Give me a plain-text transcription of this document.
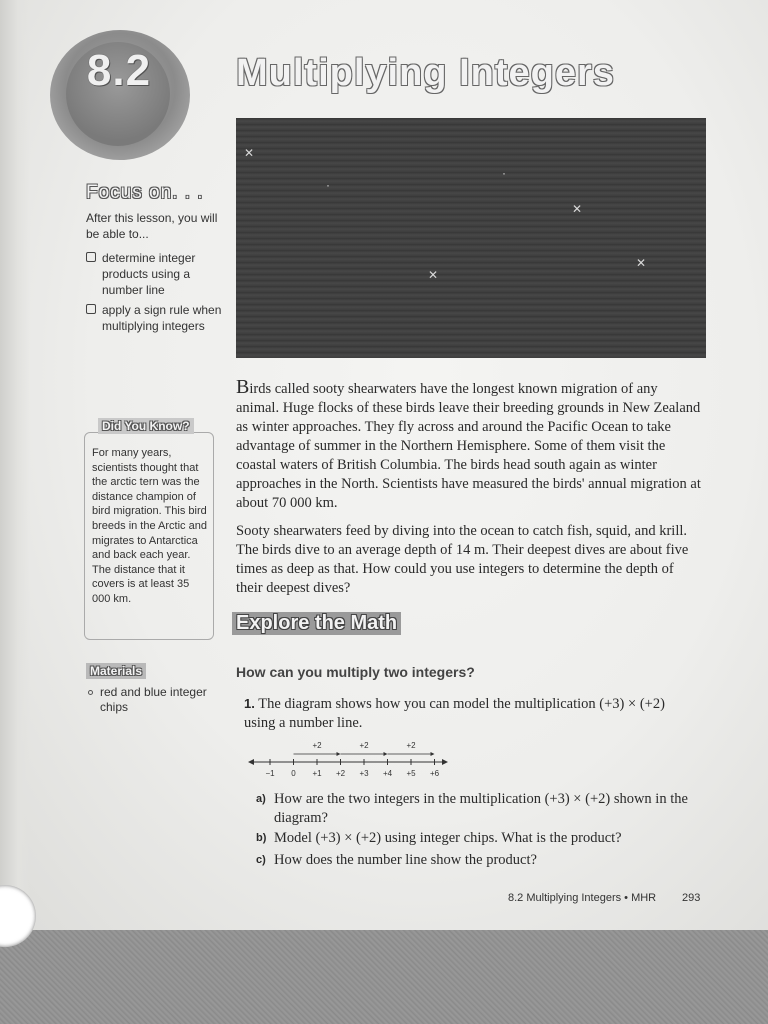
8.2	Multiplying Integers
✕
✕
✕
✕
·
·
Focus on. . .
After this lesson, you will be able to...
determine integer products using a number line
apply a sign rule when multiplying integers
Did You Know?
For many years, scientists thought that the arctic tern was the distance champion of bird migration. This bird breeds in the Arctic and migrates to Antarctica and back each year. The distance that it covers is at least 35 000 km.
Materials
red and blue integer chips

Birds called sooty shearwaters have the longest known migration of any animal. Huge flocks of these birds leave their breeding grounds in New Zealand as winter approaches. They fly across and around the Pacific Ocean to take advantage of summer in the Northern Hemisphere. Some of them visit the coastal waters of British Columbia. The birds head south again as winter approaches in the North. Scientists have measured the birds' annual migration at about 70 000 km.

Sooty shearwaters feed by diving into the ocean to catch fish, squid, and krill. The birds dive to an average depth of 14 m. Their deepest dives are about five times as deep as that. How could you use integers to determine the depth of their deepest dives?

Explore the Math
How can you multiply two integers?
1. The diagram shows how you can model the multiplication (+3) × (+2) using a number line.
−1 0 +1 +2 +3 +4 +5 +6
+2	+2	+2
a) How are the two integers in the multiplication (+3) × (+2) shown in the diagram?
b) Model (+3) × (+2) using integer chips. What is the product?
c) How does the number line show the product?
8.2 Multiplying Integers • MHR 293
